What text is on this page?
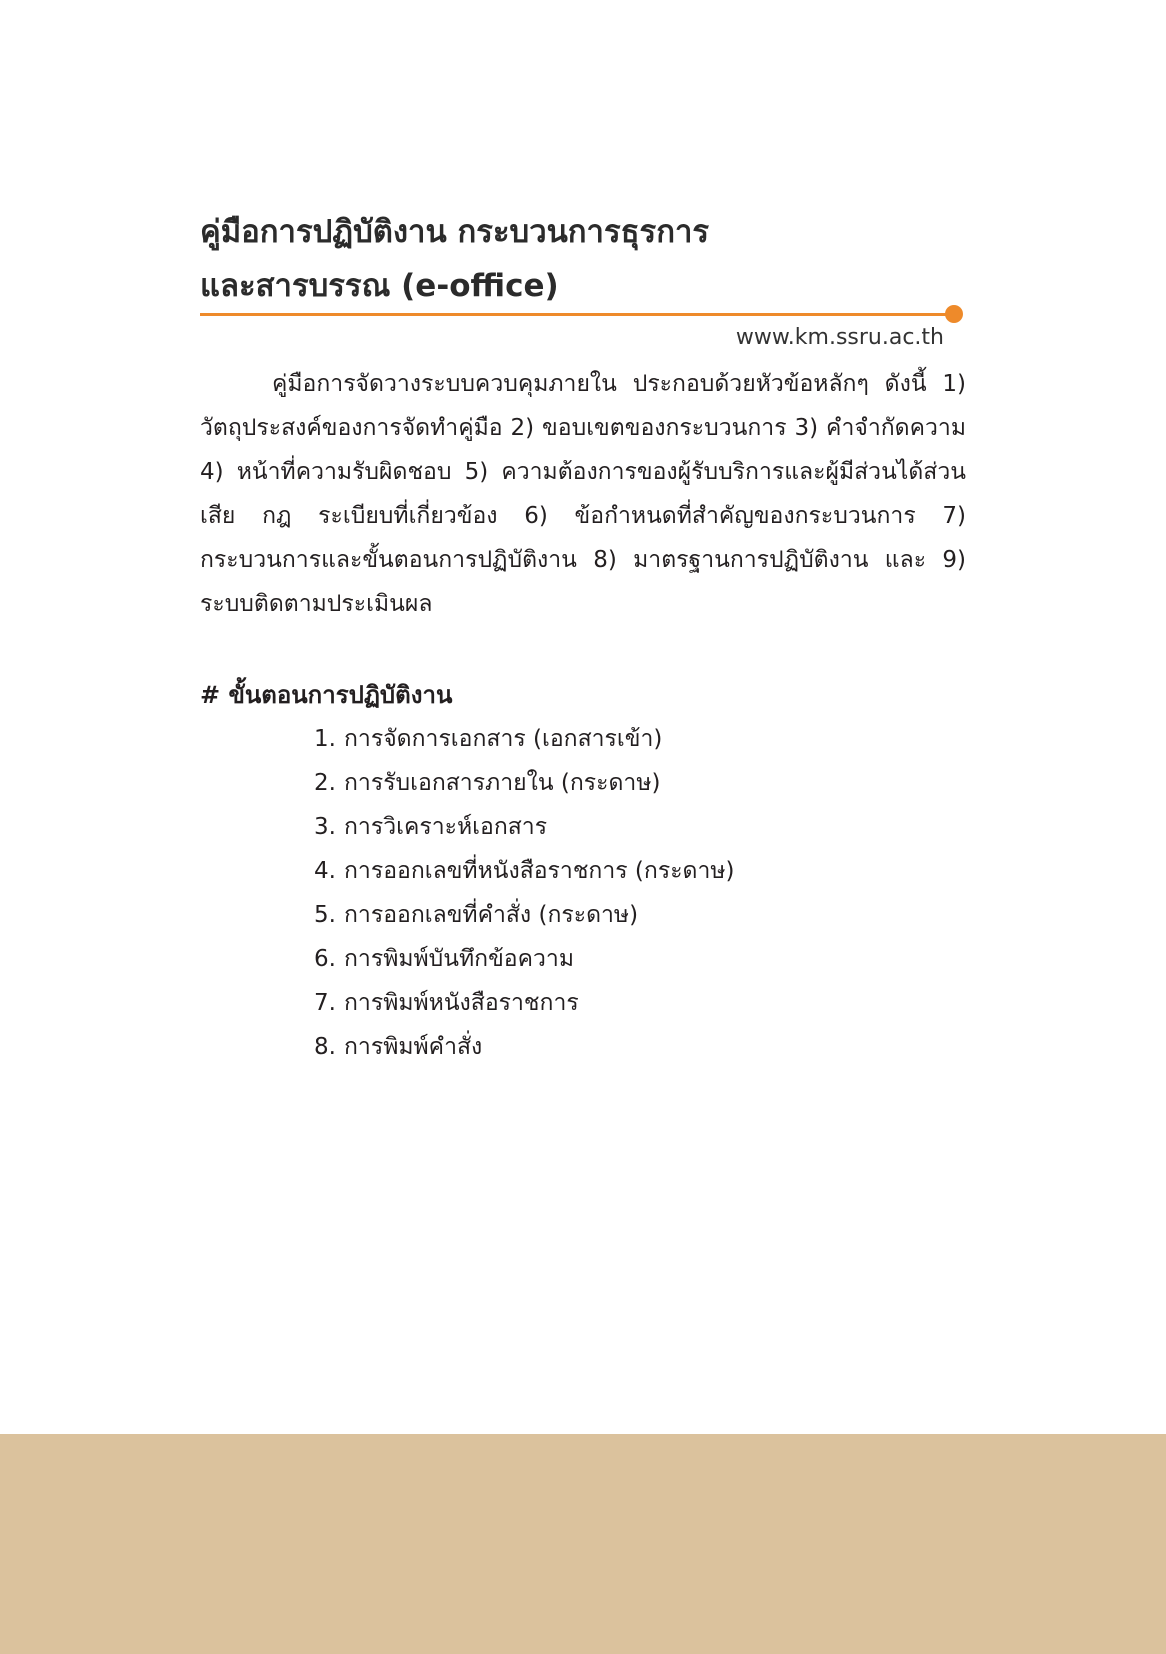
คู่มือการปฏิบัติงาน กระบวนการธุรการ
และสารบรรณ (e-office)
www.km.ssru.ac.th

คู่มือการจัดวางระบบควบคุมภายใน ประกอบด้วยหัวข้อหลักๆ ดังนี้ 1) วัตถุประสงค์ของการจัดทำคู่มือ 2) ขอบเขตของกระบวนการ 3) คำจำกัดความ 4) หน้าที่ความรับผิดชอบ 5) ความต้องการของผู้รับบริการและผู้มีส่วนได้ส่วนเสีย กฎ ระเบียบที่เกี่ยวข้อง 6) ข้อกำหนดที่สำคัญของกระบวนการ 7) กระบวนการและขั้นตอนการปฏิบัติงาน 8) มาตรฐานการปฏิบัติงาน และ 9) ระบบติดตามประเมินผล

# ขั้นตอนการปฏิบัติงาน

1. การจัดการเอกสาร (เอกสารเข้า)
2. การรับเอกสารภายใน (กระดาษ)
3. การวิเคราะห์เอกสาร
4. การออกเลขที่หนังสือราชการ (กระดาษ)
5. การออกเลขที่คำสั่ง (กระดาษ)
6. การพิมพ์บันทึกข้อความ
7. การพิมพ์หนังสือราชการ
8. การพิมพ์คำสั่ง
